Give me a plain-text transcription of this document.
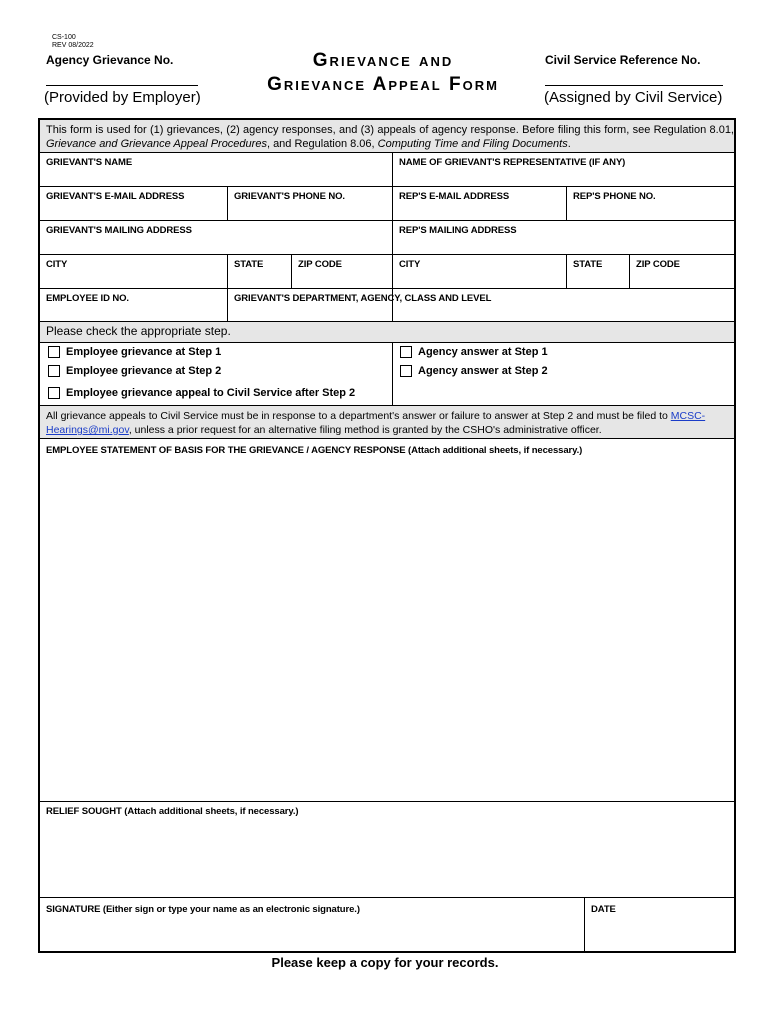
CS-100
REV 08/2022
Agency Grievance No.
(Provided by Employer)
Grievance and
Grievance Appeal Form
Civil Service Reference No.
(Assigned by Civil Service)
This form is used for (1) grievances, (2) agency responses, and (3) appeals of agency response. Before filing this form, see Regulation 8.01, Grievance and Grievance Appeal Procedures, and Regulation 8.06, Computing Time and Filing Documents.
GRIEVANT'S NAME	NAME OF GRIEVANT'S REPRESENTATIVE (IF ANY)
GRIEVANT'S E-MAIL ADDRESS	GRIEVANT'S PHONE NO.	REP'S E-MAIL ADDRESS	REP'S PHONE NO.
GRIEVANT'S MAILING ADDRESS	REP'S MAILING ADDRESS
CITY	STATE	ZIP CODE	CITY	STATE	ZIP CODE
EMPLOYEE ID NO.	GRIEVANT'S DEPARTMENT, AGENCY, CLASS AND LEVEL
Please check the appropriate step.
Employee grievance at Step 1
Employee grievance at Step 2
Employee grievance appeal to Civil Service after Step 2
Agency answer at Step 1
Agency answer at Step 2
All grievance appeals to Civil Service must be in response to a department's answer or failure to answer at Step 2 and must be filed to MCSC-Hearings@mi.gov, unless a prior request for an alternative filing method is granted by the CSHO's administrative officer.
EMPLOYEE STATEMENT OF BASIS FOR THE GRIEVANCE / AGENCY RESPONSE (Attach additional sheets, if necessary.)
RELIEF SOUGHT (Attach additional sheets, if necessary.)
SIGNATURE (Either sign or type your name as an electronic signature.)	DATE
Please keep a copy for your records.
